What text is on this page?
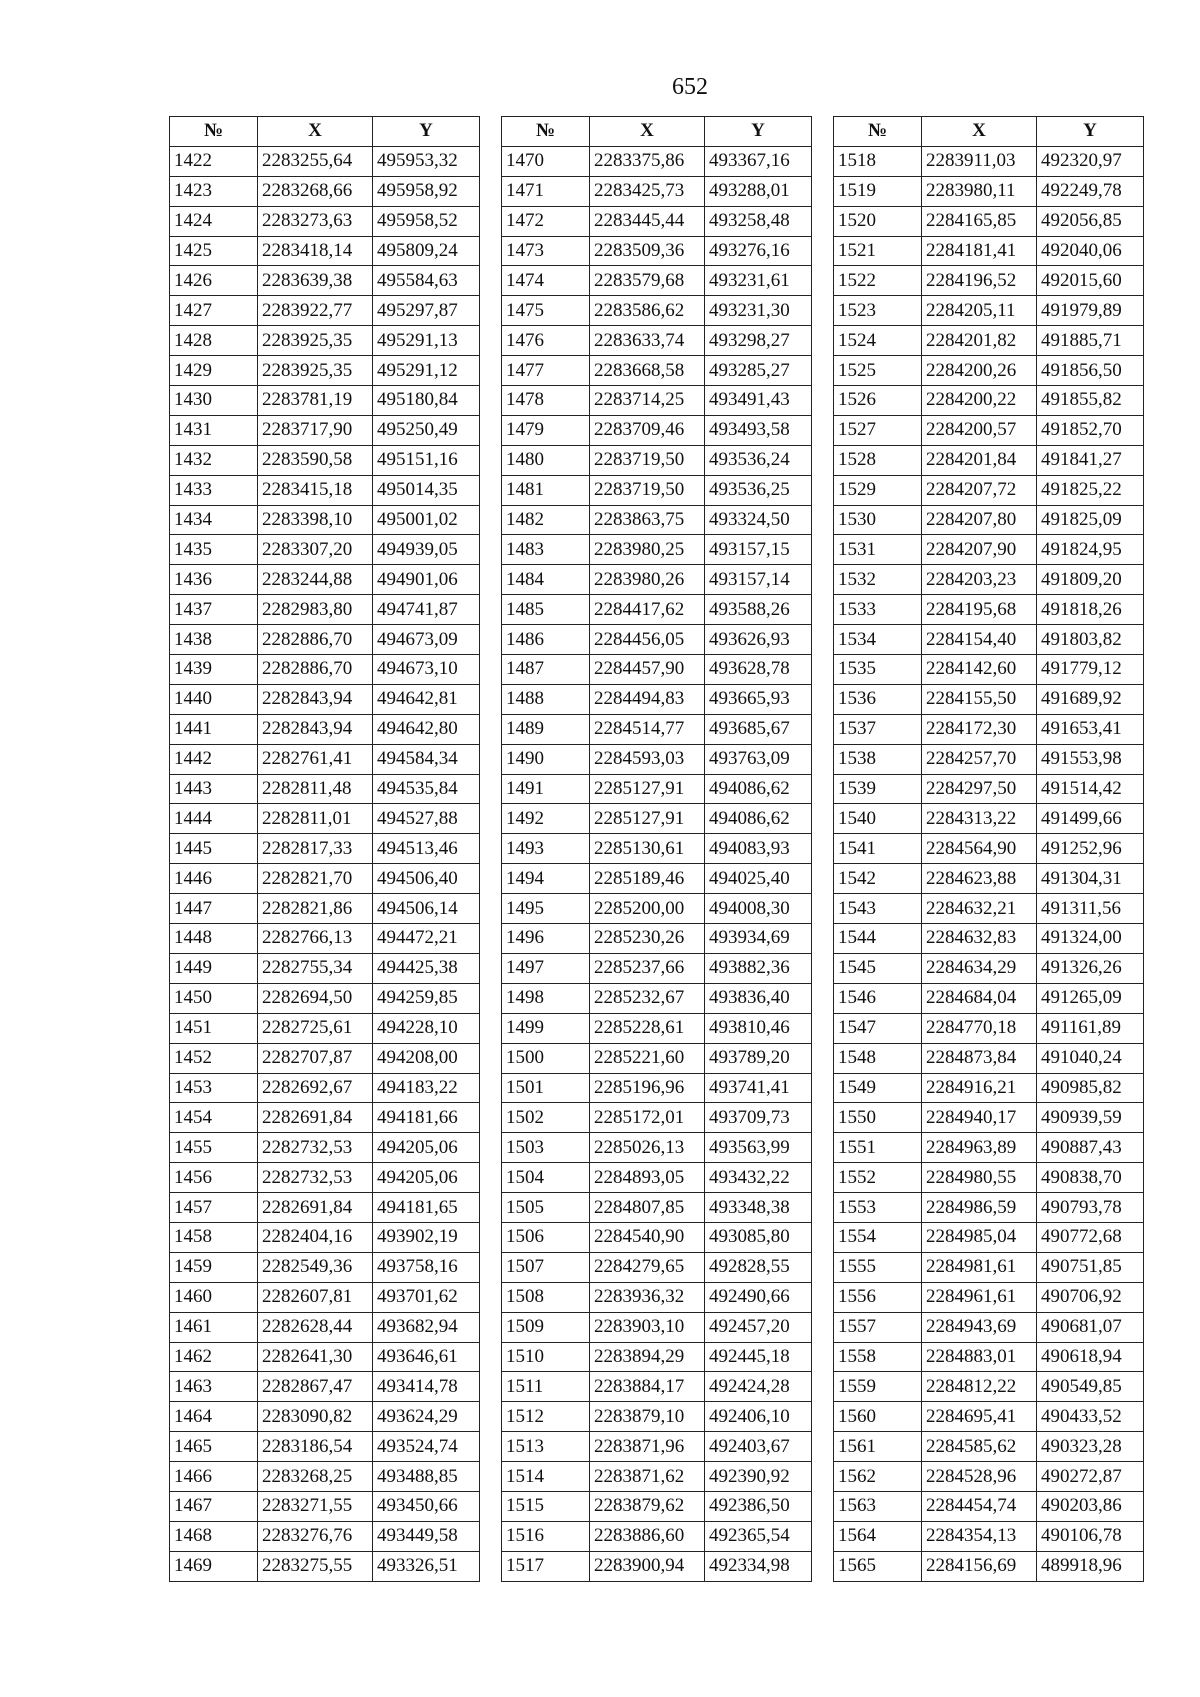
652
№	X	Y
1422	2283255,64	495953,32
1423	2283268,66	495958,92
1424	2283273,63	495958,52
1425	2283418,14	495809,24
1426	2283639,38	495584,63
1427	2283922,77	495297,87
1428	2283925,35	495291,13
1429	2283925,35	495291,12
1430	2283781,19	495180,84
1431	2283717,90	495250,49
1432	2283590,58	495151,16
1433	2283415,18	495014,35
1434	2283398,10	495001,02
1435	2283307,20	494939,05
1436	2283244,88	494901,06
1437	2282983,80	494741,87
1438	2282886,70	494673,09
1439	2282886,70	494673,10
1440	2282843,94	494642,81
1441	2282843,94	494642,80
1442	2282761,41	494584,34
1443	2282811,48	494535,84
1444	2282811,01	494527,88
1445	2282817,33	494513,46
1446	2282821,70	494506,40
1447	2282821,86	494506,14
1448	2282766,13	494472,21
1449	2282755,34	494425,38
1450	2282694,50	494259,85
1451	2282725,61	494228,10
1452	2282707,87	494208,00
1453	2282692,67	494183,22
1454	2282691,84	494181,66
1455	2282732,53	494205,06
1456	2282732,53	494205,06
1457	2282691,84	494181,65
1458	2282404,16	493902,19
1459	2282549,36	493758,16
1460	2282607,81	493701,62
1461	2282628,44	493682,94
1462	2282641,30	493646,61
1463	2282867,47	493414,78
1464	2283090,82	493624,29
1465	2283186,54	493524,74
1466	2283268,25	493488,85
1467	2283271,55	493450,66
1468	2283276,76	493449,58
1469	2283275,55	493326,51
№	X	Y
1470	2283375,86	493367,16
1471	2283425,73	493288,01
1472	2283445,44	493258,48
1473	2283509,36	493276,16
1474	2283579,68	493231,61
1475	2283586,62	493231,30
1476	2283633,74	493298,27
1477	2283668,58	493285,27
1478	2283714,25	493491,43
1479	2283709,46	493493,58
1480	2283719,50	493536,24
1481	2283719,50	493536,25
1482	2283863,75	493324,50
1483	2283980,25	493157,15
1484	2283980,26	493157,14
1485	2284417,62	493588,26
1486	2284456,05	493626,93
1487	2284457,90	493628,78
1488	2284494,83	493665,93
1489	2284514,77	493685,67
1490	2284593,03	493763,09
1491	2285127,91	494086,62
1492	2285127,91	494086,62
1493	2285130,61	494083,93
1494	2285189,46	494025,40
1495	2285200,00	494008,30
1496	2285230,26	493934,69
1497	2285237,66	493882,36
1498	2285232,67	493836,40
1499	2285228,61	493810,46
1500	2285221,60	493789,20
1501	2285196,96	493741,41
1502	2285172,01	493709,73
1503	2285026,13	493563,99
1504	2284893,05	493432,22
1505	2284807,85	493348,38
1506	2284540,90	493085,80
1507	2284279,65	492828,55
1508	2283936,32	492490,66
1509	2283903,10	492457,20
1510	2283894,29	492445,18
1511	2283884,17	492424,28
1512	2283879,10	492406,10
1513	2283871,96	492403,67
1514	2283871,62	492390,92
1515	2283879,62	492386,50
1516	2283886,60	492365,54
1517	2283900,94	492334,98
№	X	Y
1518	2283911,03	492320,97
1519	2283980,11	492249,78
1520	2284165,85	492056,85
1521	2284181,41	492040,06
1522	2284196,52	492015,60
1523	2284205,11	491979,89
1524	2284201,82	491885,71
1525	2284200,26	491856,50
1526	2284200,22	491855,82
1527	2284200,57	491852,70
1528	2284201,84	491841,27
1529	2284207,72	491825,22
1530	2284207,80	491825,09
1531	2284207,90	491824,95
1532	2284203,23	491809,20
1533	2284195,68	491818,26
1534	2284154,40	491803,82
1535	2284142,60	491779,12
1536	2284155,50	491689,92
1537	2284172,30	491653,41
1538	2284257,70	491553,98
1539	2284297,50	491514,42
1540	2284313,22	491499,66
1541	2284564,90	491252,96
1542	2284623,88	491304,31
1543	2284632,21	491311,56
1544	2284632,83	491324,00
1545	2284634,29	491326,26
1546	2284684,04	491265,09
1547	2284770,18	491161,89
1548	2284873,84	491040,24
1549	2284916,21	490985,82
1550	2284940,17	490939,59
1551	2284963,89	490887,43
1552	2284980,55	490838,70
1553	2284986,59	490793,78
1554	2284985,04	490772,68
1555	2284981,61	490751,85
1556	2284961,61	490706,92
1557	2284943,69	490681,07
1558	2284883,01	490618,94
1559	2284812,22	490549,85
1560	2284695,41	490433,52
1561	2284585,62	490323,28
1562	2284528,96	490272,87
1563	2284454,74	490203,86
1564	2284354,13	490106,78
1565	2284156,69	489918,96
